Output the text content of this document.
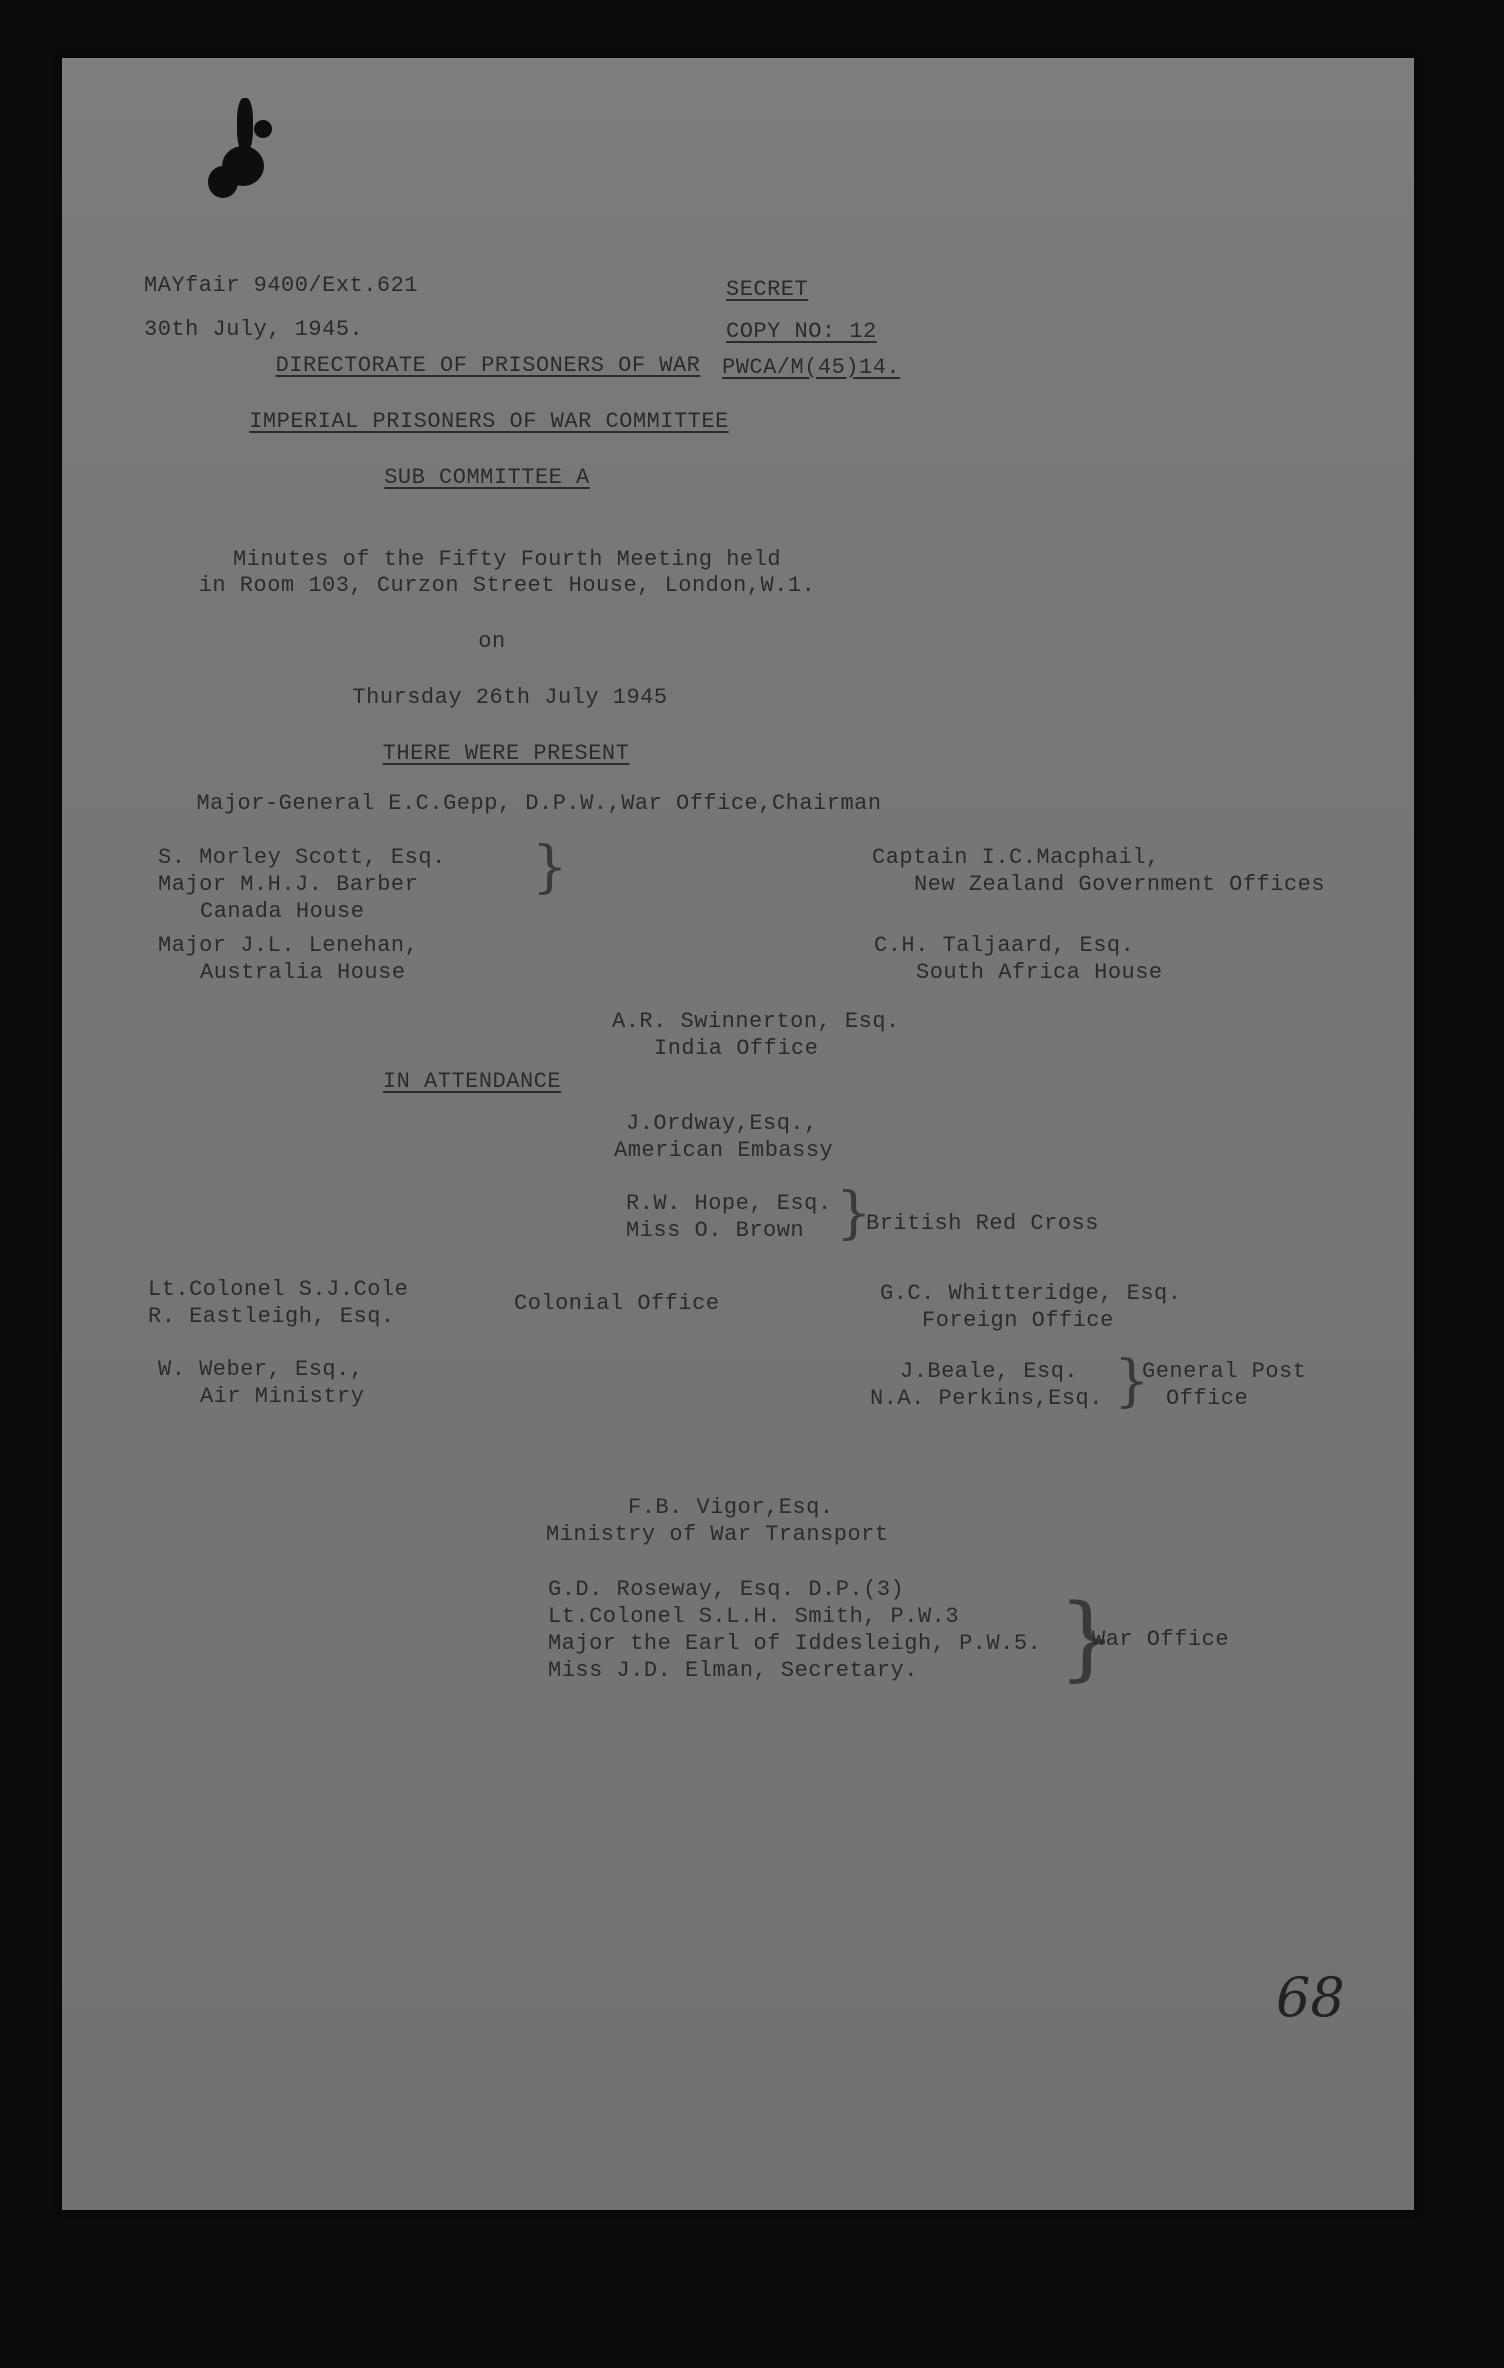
MAYfair 9400/Ext.621
30th July, 1945.
SECRET
COPY NO: 12
PWCA/M(45)14.
DIRECTORATE OF PRISONERS OF WAR
IMPERIAL PRISONERS OF WAR COMMITTEE
SUB COMMITTEE A
Minutes of the Fifty Fourth Meeting held
in Room 103, Curzon Street House, London,W.1.
on
Thursday 26th July 1945
THERE WERE PRESENT
Major-General E.C.Gepp, D.P.W.,War Office,Chairman
S. Morley Scott, Esq.
Major M.H.J. Barber
Canada House
}	Captain I.C.Macphail,
New Zealand Government Offices
Major J.L. Lenehan,
Australia House
C.H. Taljaard, Esq.
South Africa House
A.R. Swinnerton, Esq.
India Office
IN ATTENDANCE
J.Ordway,Esq.,
American Embassy
R.W. Hope, Esq.
Miss O. Brown }
British Red Cross
Lt.Colonel S.J.Cole
R. Eastleigh, Esq.
Colonial Office	G.C. Whitteridge, Esq.
Foreign Office
W. Weber, Esq.,
Air Ministry
J.Beale, Esq.
N.A. Perkins,Esq. }
General Post
Office
F.B. Vigor,Esq.
Ministry of War Transport
G.D. Roseway, Esq. D.P.(3)
Lt.Colonel S.L.H. Smith, P.W.3
Major the Earl of Iddesleigh, P.W.5.
Miss J.D. Elman, Secretary.	}
War Office
68
